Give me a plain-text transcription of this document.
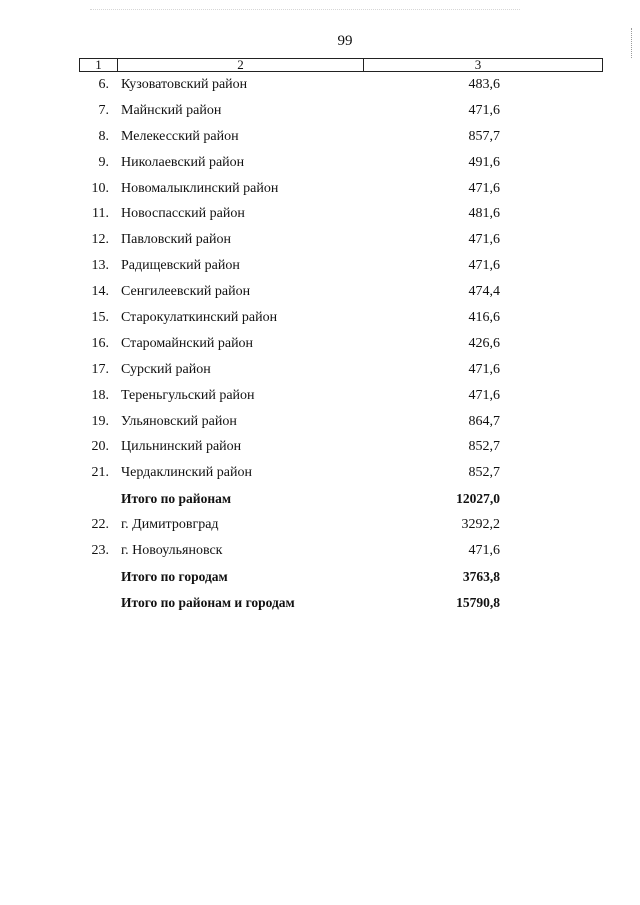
99
1	2	3
6. Кузоватовский район	483,6
7. Майнский район	471,6
8. Мелекесский район	857,7
9. Николаевский район	491,6
10. Новомалыклинский район	471,6
11. Новоспасский район	481,6
12. Павловский район	471,6
13. Радищевский район	471,6
14. Сенгилеевский район	474,4
15. Старокулаткинский район	416,6
16. Старомайнский район	426,6
17. Сурский район	471,6
18. Тереньгульский район	471,6
19. Ульяновский район	864,7
20. Цильнинский район	852,7
21. Чердаклинский район	852,7
Итого по районам	12027,0
22. г. Димитровград	3292,2
23. г. Новоульяновск	471,6
Итого по городам	3763,8
Итого по районам и городам	15790,8
